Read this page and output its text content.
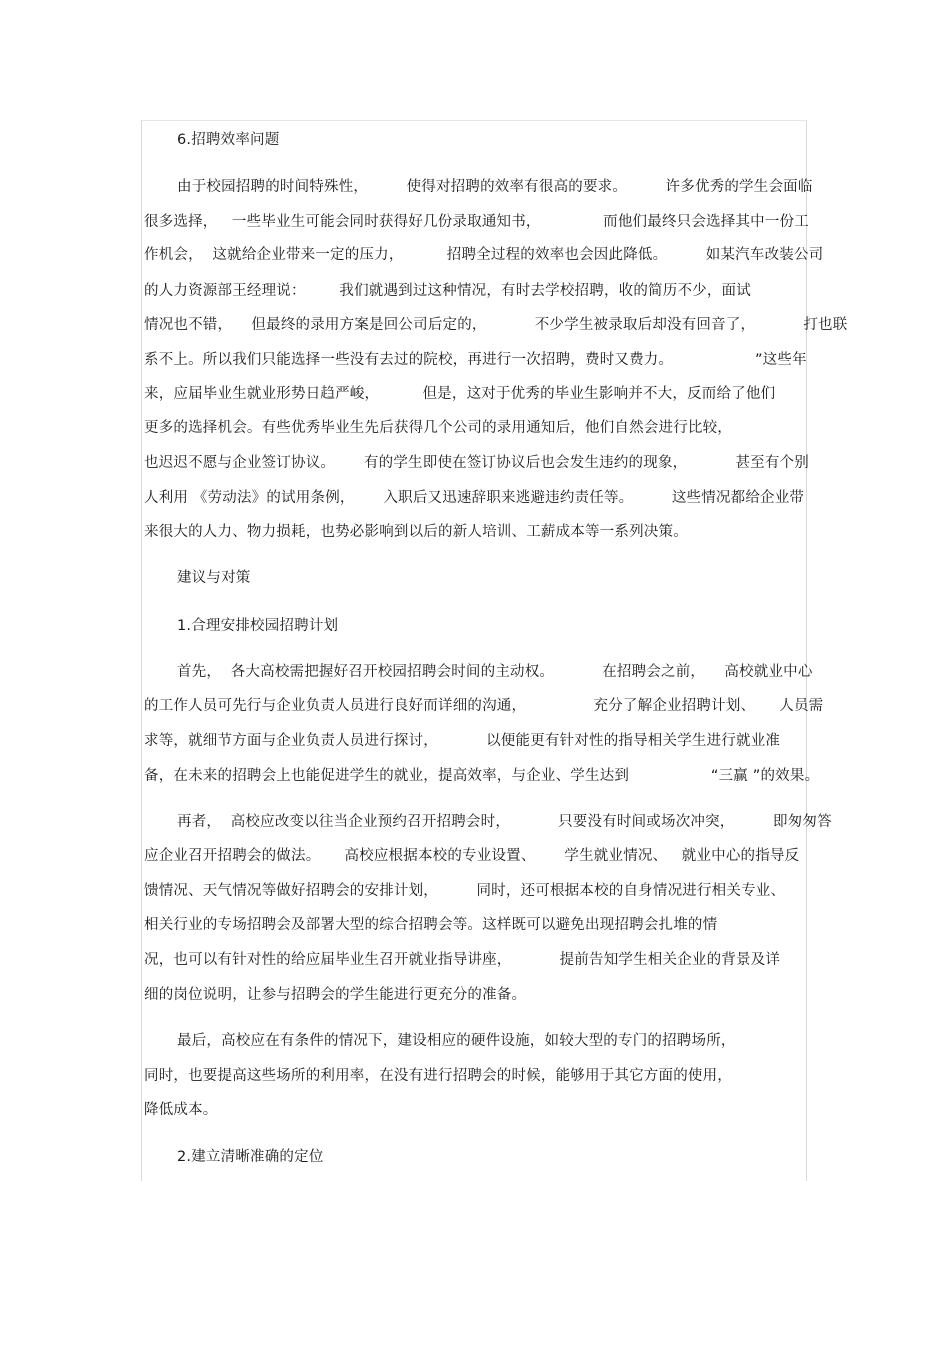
6.招聘效率问题
由于校园招聘的时间特殊性，        使得对招聘的效率有很高的要求。        许多优秀的学生会面临
很多选择，   一些毕业生可能会同时获得好几份录取通知书，             而他们最终只会选择其中一份工
作机会，  这就给企业带来一定的压力，         招聘全过程的效率也会因此降低。        如某汽车改装公司
的人力资源部王经理说：       我们就遇到过这种情况，有时去学校招聘，收的简历不少，面试
情况也不错，    但最终的录用方案是回公司后定的，          不少学生被录取后却没有回音了，          打也联
系不上。所以我们只能选择一些没有去过的院校，再进行一次招聘，费时又费力。                 ”这些年
来，应届毕业生就业形势日趋严峻，         但是，这对于优秀的毕业生影响并不大，反而给了他们
更多的选择机会。有些优秀毕业生先后获得几个公司的录用通知后，他们自然会进行比较，
也迟迟不愿与企业签订协议。      有的学生即使在签订协议后也会发生违约的现象，          甚至有个别
人利用 《劳动法》的试用条例，      入职后又迅速辞职来逃避违约责任等。        这些情况都给企业带
来很大的人力、物力损耗，也势必影响到以后的新人培训、工薪成本等一系列决策。
建议与对策
1.合理安排校园招聘计划
首先，  各大高校需把握好召开校园招聘会时间的主动权。          在招聘会之前，    高校就业中心
的工作人员可先行与企业负责人员进行良好而详细的沟通，              充分了解企业招聘计划、     人员需
求等，就细节方面与企业负责人员进行探讨，          以便能更有针对性的指导相关学生进行就业准
备，在未来的招聘会上也能促进学生的就业，提高效率，与企业、学生达到                 “三赢 ”的效果。
再者，  高校应改变以往当企业预约召开招聘会时，          只要没有时间或场次冲突，        即匆匆答
应企业召开招聘会的做法。     高校应根据本校的专业设置、      学生就业情况、   就业中心的指导反
馈情况、天气情况等做好招聘会的安排计划，        同时，还可根据本校的自身情况进行相关专业、
相关行业的专场招聘会及部署大型的综合招聘会等。这样既可以避免出现招聘会扎堆的情
况，也可以有针对性的给应届毕业生召开就业指导讲座，          提前告知学生相关企业的背景及详
细的岗位说明，让参与招聘会的学生能进行更充分的准备。
最后，高校应在有条件的情况下，建设相应的硬件设施，如较大型的专门的招聘场所，
同时，也要提高这些场所的利用率，在没有进行招聘会的时候，能够用于其它方面的使用，
降低成本。
2.建立清晰准确的定位
